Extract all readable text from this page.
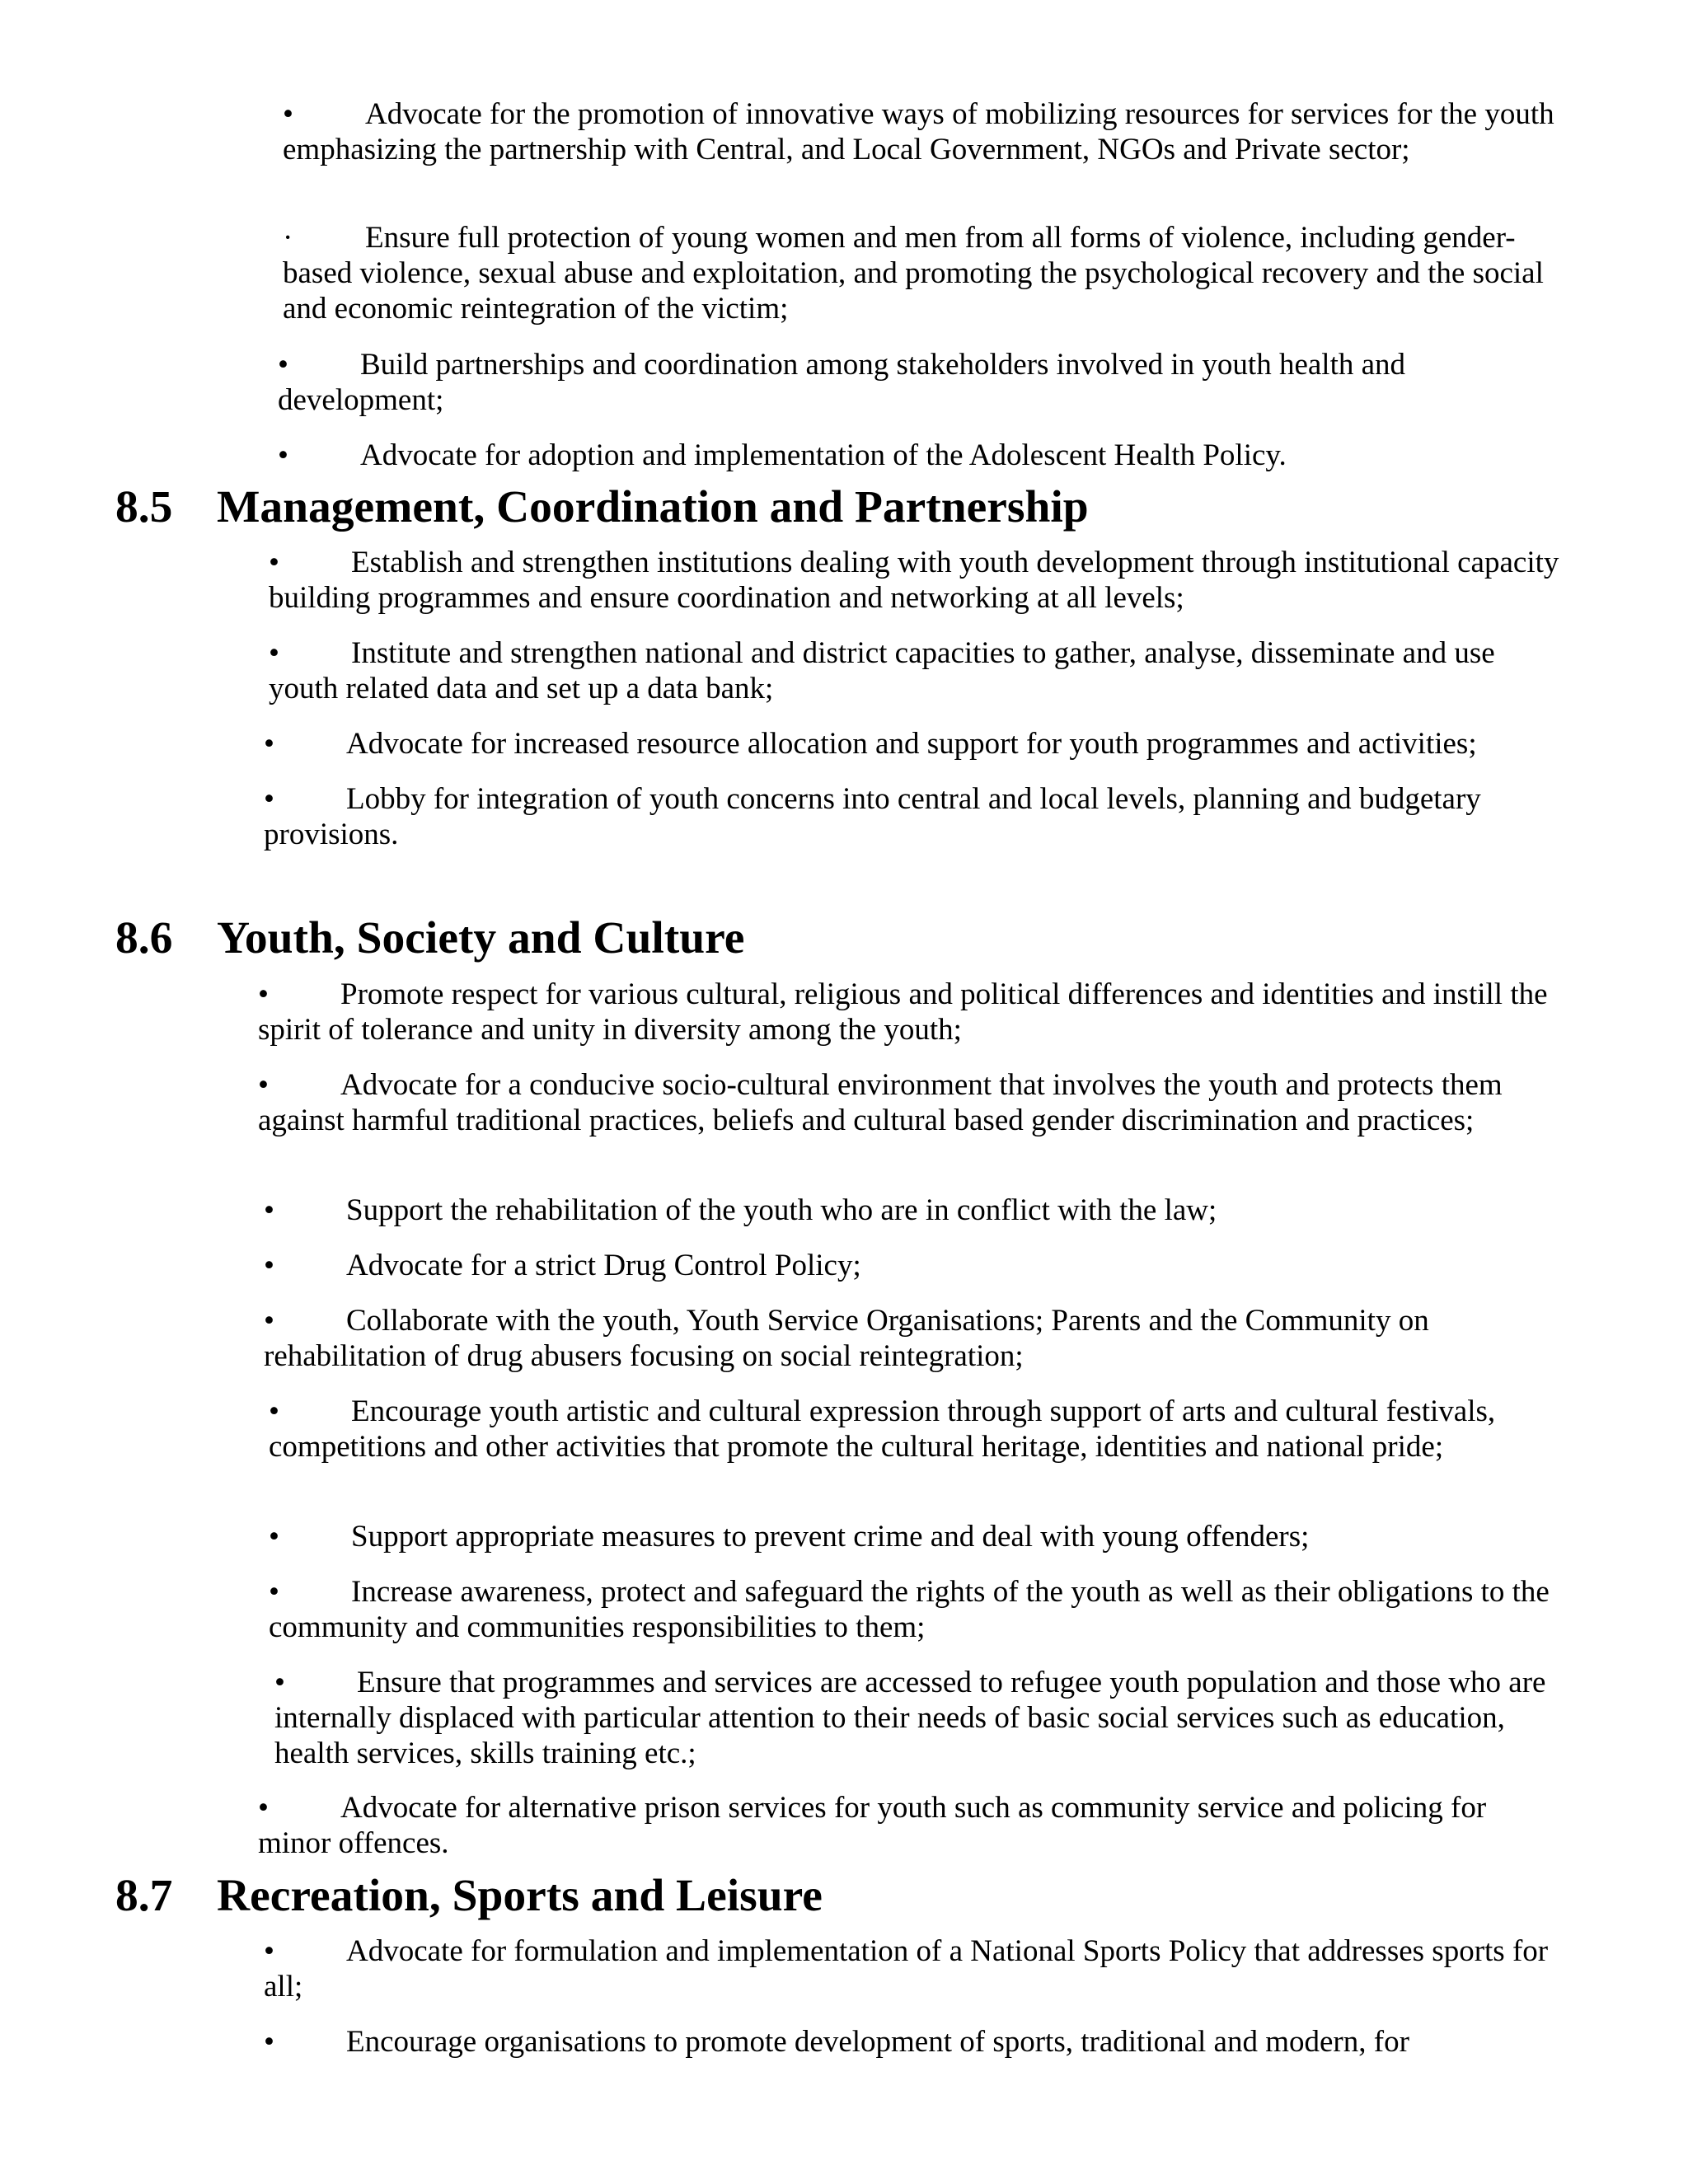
• Advocate for the promotion of innovative ways of mobilizing resources for services for the youth emphasizing the partnership with Central, and Local Government, NGOs and Private sector;

· Ensure full protection of young women and men from all forms of violence, including gender-based violence, sexual abuse and exploitation, and promoting the psychological recovery and the social and economic reintegration of the victim;

• Build partnerships and coordination among stakeholders involved in youth health and development;

• Advocate for adoption and implementation of the Adolescent Health Policy.

8.5 Management, Coordination and Partnership

• Establish and strengthen institutions dealing with youth development through institutional capacity building programmes and ensure coordination and networking at all levels;

• Institute and strengthen national and district capacities to gather, analyse, disseminate and use youth related data and set up a data bank;

• Advocate for increased resource allocation and support for youth programmes and activities;

• Lobby for integration of youth concerns into central and local levels, planning and budgetary provisions.

8.6 Youth, Society and Culture

• Promote respect for various cultural, religious and political differences and identities and instill the spirit of tolerance and unity in diversity among the youth;

• Advocate for a conducive socio-cultural environment that involves the youth and protects them against harmful traditional practices, beliefs and cultural based gender discrimination and practices;

• Support the rehabilitation of the youth who are in conflict with the law;

• Advocate for a strict Drug Control Policy;

• Collaborate with the youth, Youth Service Organisations; Parents and the Community on rehabilitation of drug abusers focusing on social reintegration;

• Encourage youth artistic and cultural expression through support of arts and cultural festivals, competitions and other activities that promote the cultural heritage, identities and national pride;

• Support appropriate measures to prevent crime and deal with young offenders;

• Increase awareness, protect and safeguard the rights of the youth as well as their obligations to the community and communities responsibilities to them;

• Ensure that programmes and services are accessed to refugee youth population and those who are internally displaced with particular attention to their needs of basic social services such as education, health services, skills training etc.;

• Advocate for alternative prison services for youth such as community service and policing for minor offences.

8.7 Recreation, Sports and Leisure

• Advocate for formulation and implementation of a National Sports Policy that addresses sports for all;

• Encourage organisations to promote development of sports, traditional and modern, for
